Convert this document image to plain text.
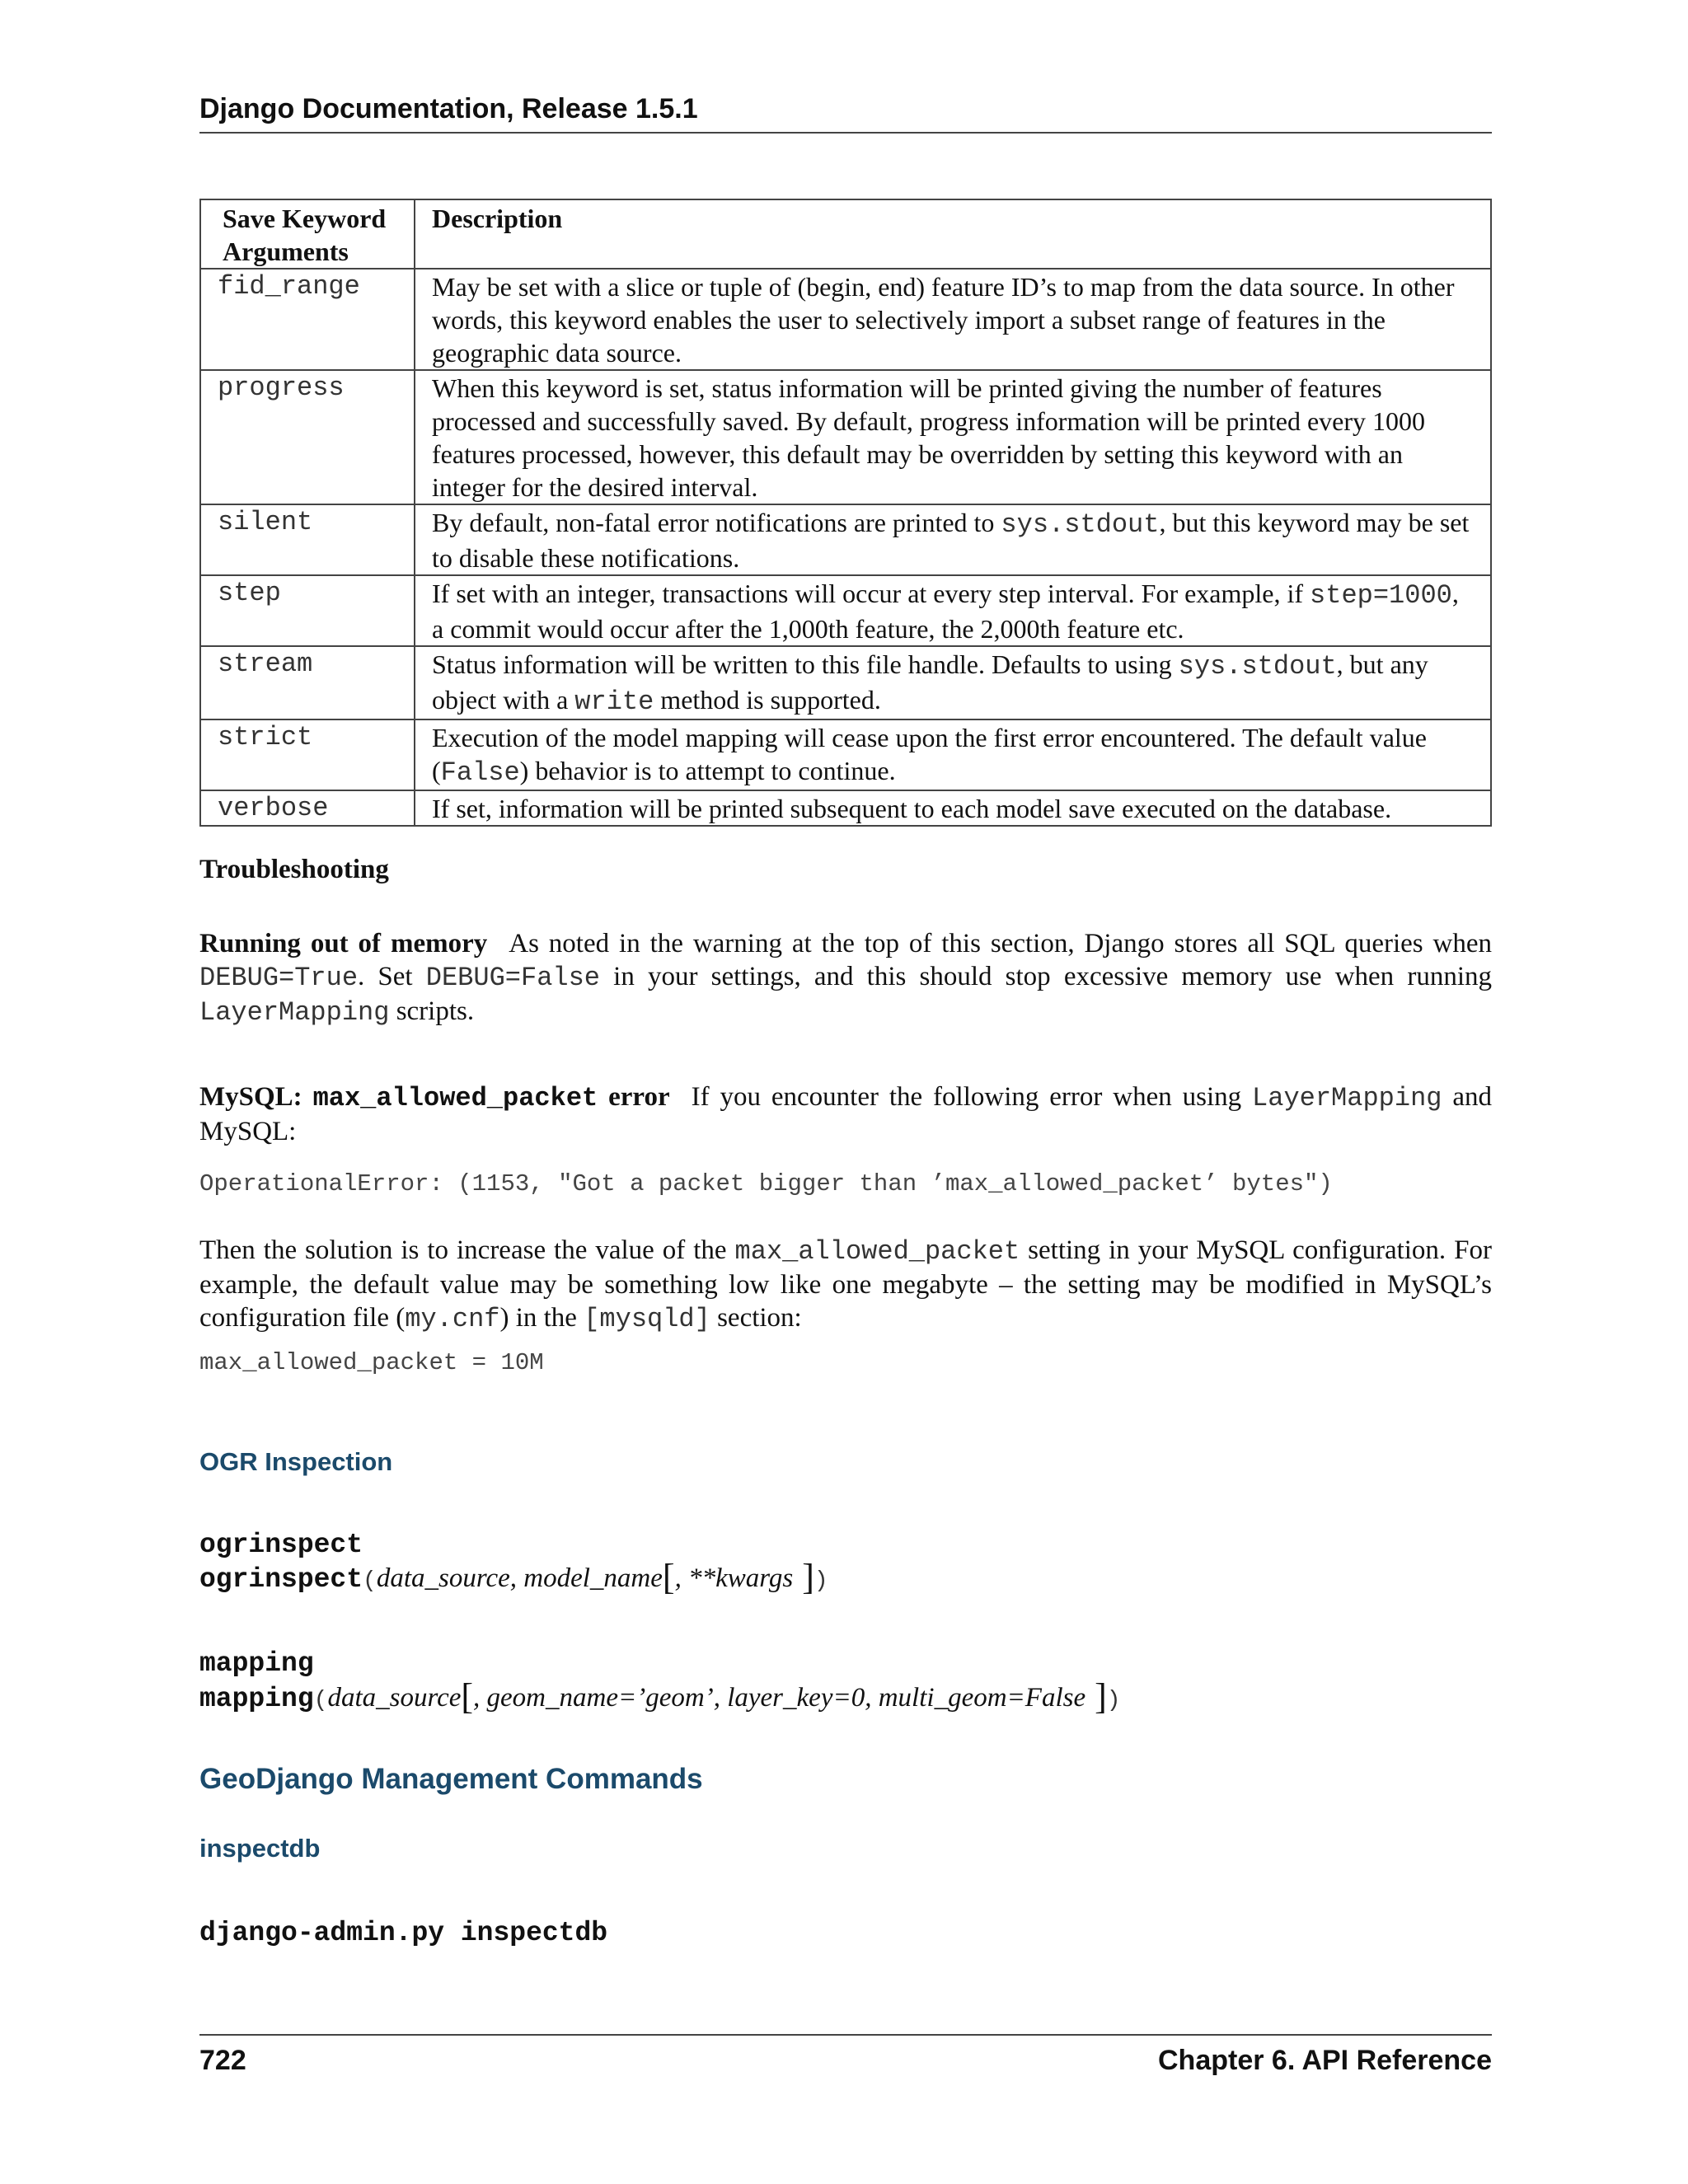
Django Documentation, Release 1.5.1
Save Keyword Arguments	Description
fid_range	May be set with a slice or tuple of (begin, end) feature ID’s to map from the data source. In other words, this keyword enables the user to selectively import a subset range of features in the geographic data source.
progress	When this keyword is set, status information will be printed giving the number of features processed and successfully saved. By default, progress information will be printed every 1000 features processed, however, this default may be overridden by setting this keyword with an integer for the desired interval.
silent	By default, non-fatal error notifications are printed to sys.stdout, but this keyword may be set to disable these notifications.
step	If set with an integer, transactions will occur at every step interval. For example, if step=1000, a commit would occur after the 1,000th feature, the 2,000th feature etc.
stream	Status information will be written to this file handle. Defaults to using sys.stdout, but any object with a write method is supported.
strict	Execution of the model mapping will cease upon the first error encountered. The default value (False) behavior is to attempt to continue.
verbose	If set, information will be printed subsequent to each model save executed on the database.
Troubleshooting
Running out of memory As noted in the warning at the top of this section, Django stores all SQL queries when DEBUG=True. Set DEBUG=False in your settings, and this should stop excessive memory use when running LayerMapping scripts.
MySQL: max_allowed_packet error If you encounter the following error when using LayerMapping and MySQL:
OperationalError: (1153, "Got a packet bigger than ’max_allowed_packet’ bytes")
Then the solution is to increase the value of the max_allowed_packet setting in your MySQL configuration. For example, the default value may be something low like one megabyte – the setting may be modified in MySQL’s configuration file (my.cnf) in the [mysqld] section:
max_allowed_packet = 10M
OGR Inspection
ogrinspect
ogrinspect(data_source, model_name[, **kwargs ])
mapping
mapping(data_source[, geom_name=’geom’, layer_key=0, multi_geom=False ])
GeoDjango Management Commands
inspectdb
django-admin.py inspectdb
722	Chapter 6. API Reference
